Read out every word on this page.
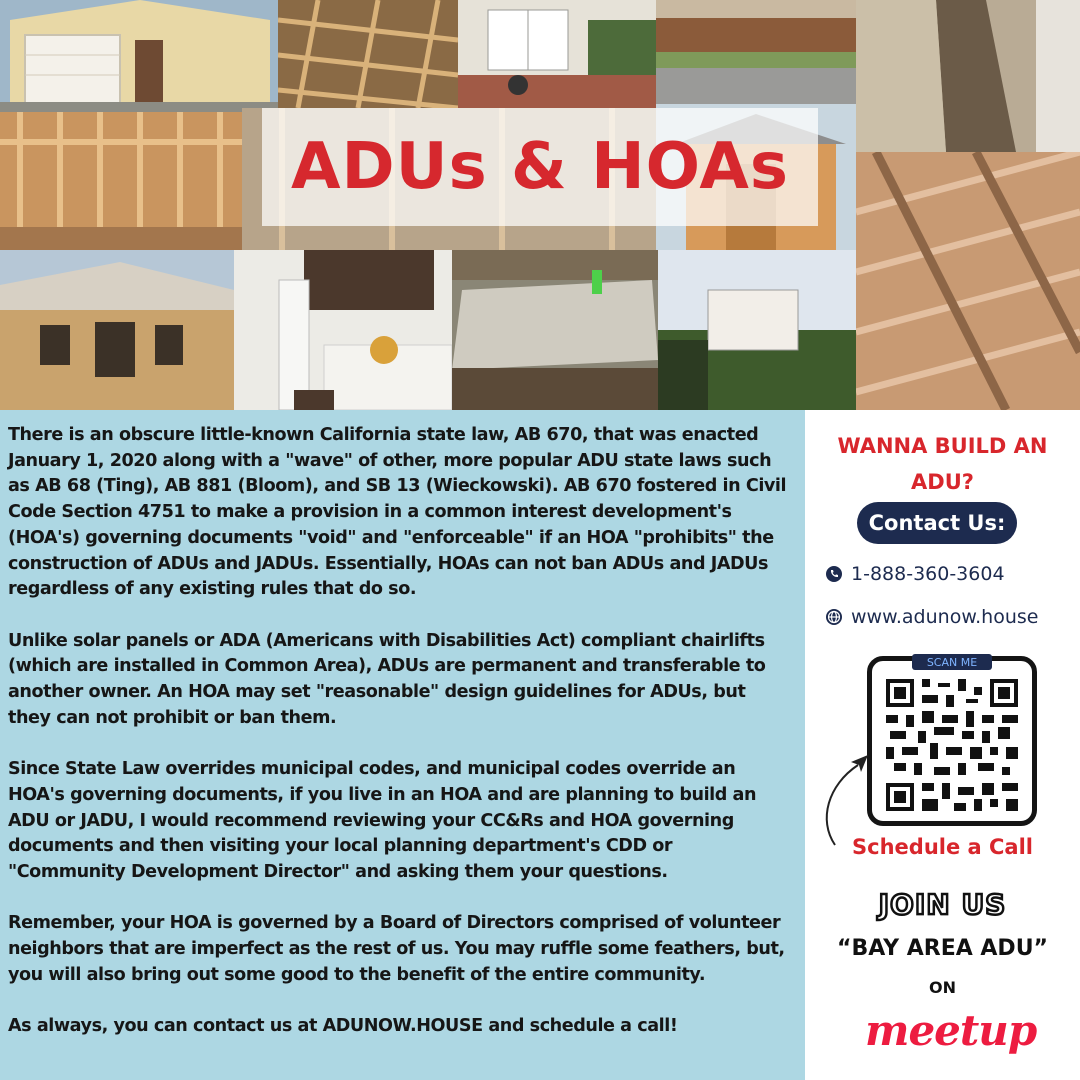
ADUs & HOAs

There is an obscure little-known California state law, AB 670, that was enacted January 1, 2020 along with a "wave" of other, more popular ADU state laws such as AB 68 (Ting), AB 881 (Bloom), and SB 13 (Wieckowski). AB 670 fostered in Civil Code Section 4751 to make a provision in a common interest development's (HOA's) governing documents "void" and "enforceable" if an HOA "prohibits" the construction of ADUs and JADUs. Essentially, HOAs can not ban ADUs and JADUs regardless of any existing rules that do so.

Unlike solar panels or ADA (Americans with Disabilities Act) compliant chairlifts (which are installed in Common Area), ADUs are permanent and transferable to another owner. An HOA may set "reasonable" design guidelines for ADUs, but they can not prohibit or ban them.

Since State Law overrides municipal codes, and municipal codes override an HOA's governing documents, if you live in an HOA and are planning to build an ADU or JADU, I would recommend reviewing your CC&Rs and HOA governing documents and then visiting your local planning department's CDD or "Community Development Director" and asking them your questions.

Remember, your HOA is governed by a Board of Directors comprised of volunteer neighbors that are imperfect as the rest of us. You may ruffle some feathers, but, you will also bring out some good to the benefit of the entire community.

As always, you can contact us at ADUNOW.HOUSE and schedule a call!

WANNA BUILD AN ADU?
Contact Us:
1-888-360-3604
www.adunow.house
SCAN ME
Schedule a Call
JOIN US
“BAY AREA ADU”
ON
meetup
